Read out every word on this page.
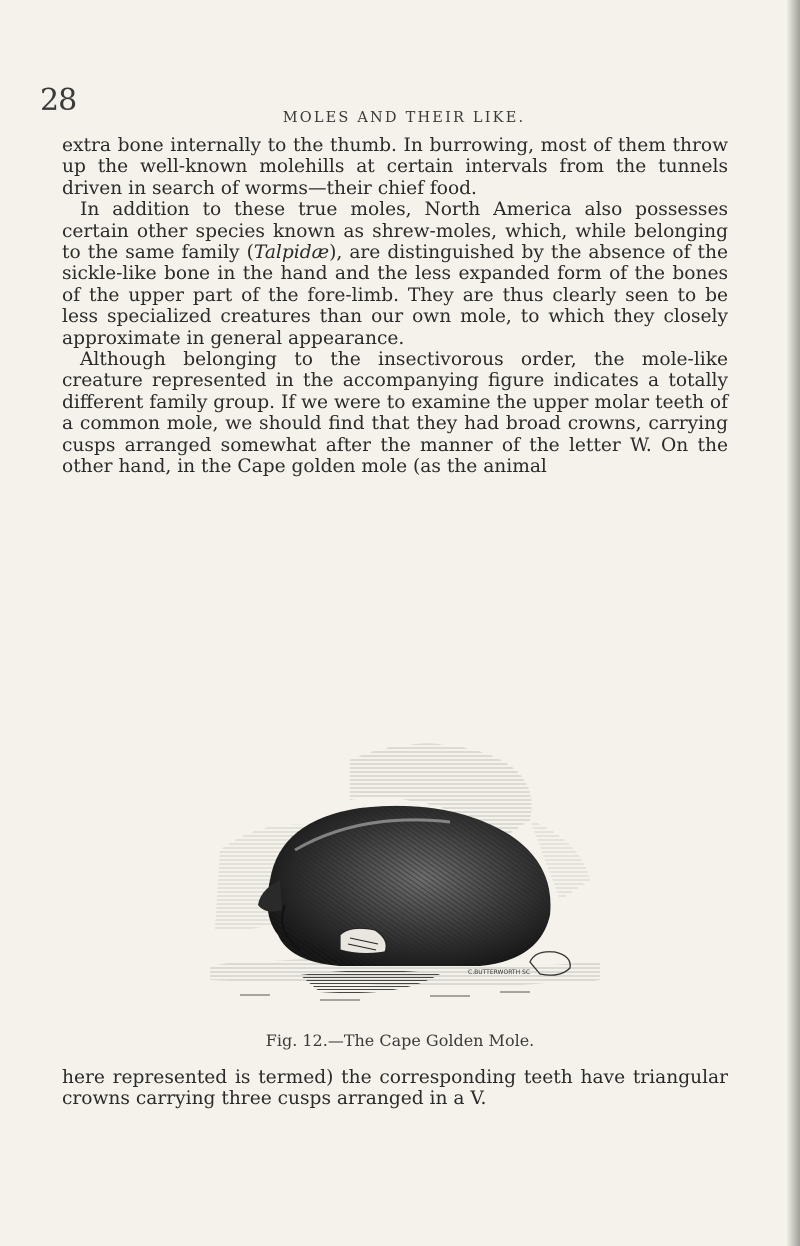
28	MOLES AND THEIR LIKE.

extra bone internally to the thumb. In burrowing, most of them throw up the well-known molehills at certain intervals from the tunnels driven in search of worms—their chief food.

In addition to these true moles, North America also possesses certain other species known as shrew-moles, which, while belonging to the same family (Talpidæ), are distinguished by the absence of the sickle-like bone in the hand and the less expanded form of the bones of the upper part of the fore-limb. They are thus clearly seen to be less specialized creatures than our own mole, to which they closely approximate in general appearance.

Although belonging to the insectivorous order, the mole-like creature represented in the accompanying figure indicates a totally different family group. If we were to examine the upper molar teeth of a common mole, we should find that they had broad crowns, carrying cusps arranged somewhat after the manner of the letter W. On the other hand, in the Cape golden mole (as the animal

C.BUTTERWORTH SC
Fig. 12.—The Cape Golden Mole.

here represented is termed) the corresponding teeth have triangular crowns carrying three cusps arranged in a V.
